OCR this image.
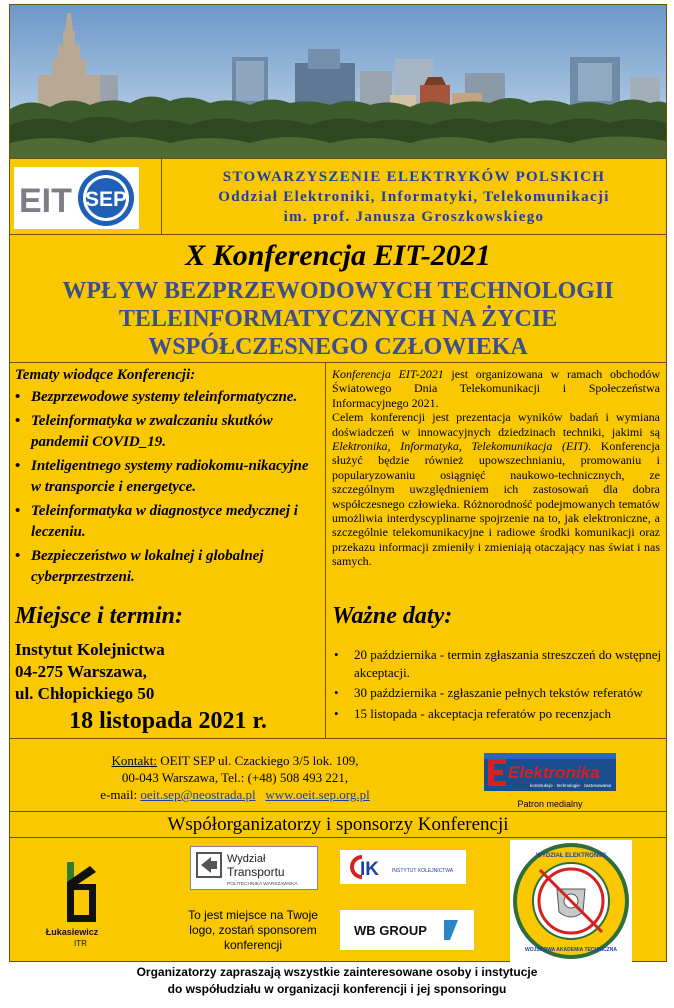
EIT SEP
STOWARZYSZENIE ELEKTRYKÓW POLSKICH
Oddział Elektroniki, Informatyki, Telekomunikacji
im. prof. Janusza Groszkowskiego
X Konferencja EIT-2021
WPŁYW BEZPRZEWODOWYCH TECHNOLOGII
TELEINFORMATYCZNYCH NA ŻYCIE
WSPÓŁCZESNEGO CZŁOWIEKA
Tematy wiodące Konferencji:
• Bezprzewodowe systemy teleinformatyczne.
• Teleinformatyka w zwalczaniu skutków pandemii COVID_19.
• Inteligentnego systemy radiokomu-nikacyjne w transporcie i energetyce.
• Teleinformatyka w diagnostyce medycznej i leczeniu.
• Bezpieczeństwo w lokalnej i globalnej cyberprzestrzeni.
Miejsce i termin:
Instytut Kolejnictwa
04-275 Warszawa,
ul. Chłopickiego 50
18 listopada 2021 r.

Konferencja EIT-2021 jest organizowana w ramach obchodów Światowego Dnia Telekomunikacji i Społeczeństwa Informacyjnego 2021.

Celem konferencji jest prezentacja wyników badań i wymiana doświadczeń w innowacyjnych dziedzinach techniki, jakimi są Elektronika, Informatyka, Telekomunikacja (EIT). Konferencja służyć będzie również upowszechnianiu, promowaniu i popularyzowaniu osiągnięć naukowo-technicznych, ze szczególnym uwzględnieniem ich zastosowań dla dobra współczesnego człowieka. Różnorodność podejmowanych tematów umożliwia interdyscyplinarne spojrzenie na to, jak elektroniczne, a szczególnie telekomunikacyjne i radiowe środki komunikacji oraz przekazu informacji zmieniły i zmieniają otaczający nas świat i nas samych.

Ważne daty:
• 20 października - termin zgłaszania streszczeń do wstępnej akceptacji.
• 30 października - zgłaszanie pełnych tekstów referatów
• 15 listopada - akceptacja referatów po recenzjach
Kontakt: OEIT SEP ul. Czackiego 3/5 lok. 109,
00-043 Warszawa, Tel.: (+48) 508 493 221,
e-mail: oeit.sep@neostrada.pl www.oeit.sep.org.pl
Elektronika
konstrukcje · technologie · zastosowania
Patron medialny
Współorganizatorzy i sponsorzy Konferencji
Łukasiewicz
ITR
Wydział
Transportu
POLITECHNIKA WARSZAWSKA
To jest miejsce na Twoje
logo, zostań sponsorem
konferencji
IK	INSTYTUT KOLEJNICTWA
WB GROUP
WYDZIAŁ ELEKTRONIKI
WOJSKOWA AKADEMIA TECHNICZNA
Organizatorzy zapraszają wszystkie zainteresowane osoby i instytucje
do współudziału w organizacji konferencji i jej sponsoringu
